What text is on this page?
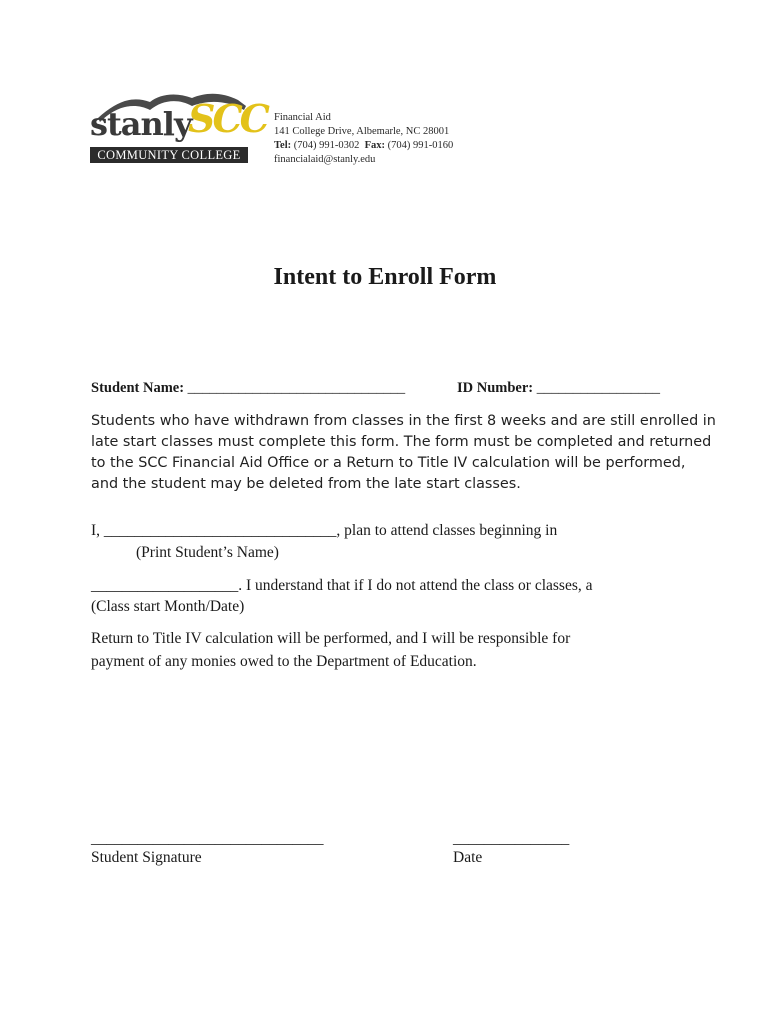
stanly
SCC
COMMUNITY COLLEGE
Financial Aid
141 College Drive, Albemarle, NC 28001
Tel: (704) 991-0302 Fax: (704) 991-0160
financialaid@stanly.edu
Intent to Enroll Form
Student Name: ______________________________	ID Number: _________________
Students who have withdrawn from classes in the first 8 weeks and are still enrolled in
late start classes must complete this form. The form must be completed and returned
to the SCC Financial Aid Office or a Return to Title IV calculation will be performed,
and the student may be deleted from the late start classes.
I, ______________________________, plan to attend classes beginning in
(Print Student’s Name)
___________________. I understand that if I do not attend the class or classes, a
(Class start Month/Date)
Return to Title IV calculation will be performed, and I will be responsible for
payment of any monies owed to the Department of Education.
______________________________
Student Signature
_______________
Date
